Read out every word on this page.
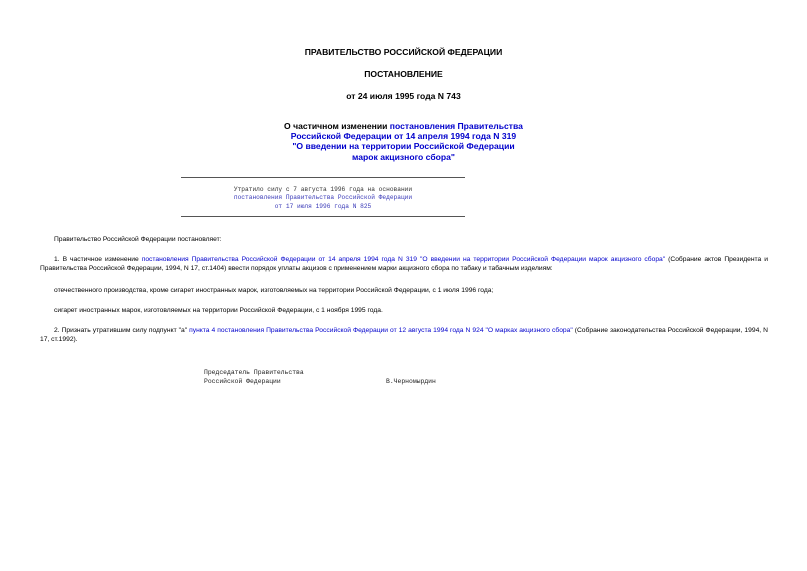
ПРАВИТЕЛЬСТВО РОССИЙСКОЙ ФЕДЕРАЦИИ
ПОСТАНОВЛЕНИЕ
от 24 июля 1995 года N 743
О частичном изменении постановления Правительства
Российской Федерации от 14 апреля 1994 года N 319
"О введении на территории Российской Федерации
марок акцизного сбора"
Утратило силу с 7 августа 1996 года на основании
постановления Правительства Российской Федерации
от 17 июля 1996 года N 825
Правительство Российской Федерации постановляет:
1. В частичное изменение постановления Правительства Российской Федерации от 14 апреля 1994 года N 319 "О введении на территории Российской Федерации марок акцизного сбора" (Собрание актов Президента и Правительства Российской Федерации, 1994, N 17, ст.1404) ввести порядок уплаты акцизов с применением марки акцизного сбора по табаку и табачным изделиям:
отечественного производства, кроме сигарет иностранных марок, изготовляемых на территории Российской Федерации, с 1 июля 1996 года;
сигарет иностранных марок, изготовляемых на территории Российской Федерации, с 1 ноября 1995 года.
2. Признать утратившим силу подпункт "а" пункта 4 постановления Правительства Российской Федерации от 12 августа 1994 года N 924 "О марках акцизного сбора" (Собрание законодательства Российской Федерации, 1994, N 17, ст.1992).
Председатель Правительства
Российской Федерации	В.Черномырдин
